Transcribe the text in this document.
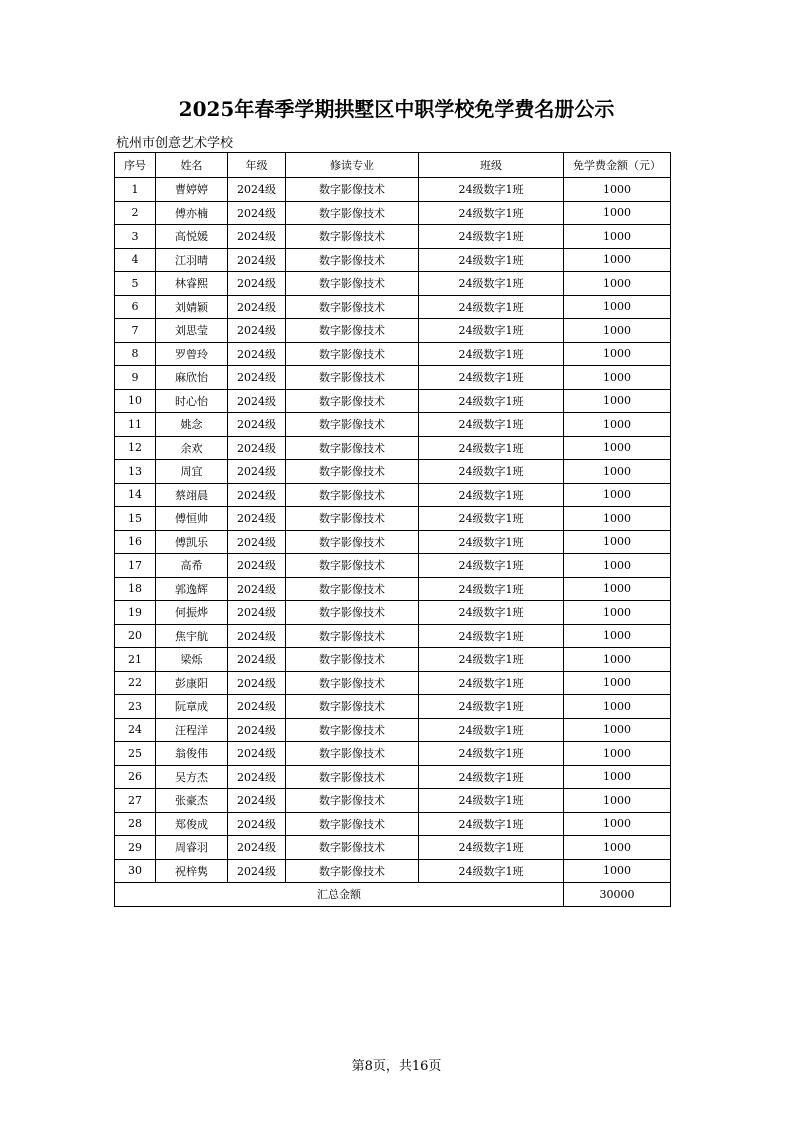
2025年春季学期拱墅区中职学校免学费名册公示
杭州市创意艺术学校
序号	姓名	年级	修读专业	班级	免学费金额（元）
1	曹婷婷	2024级	数字影像技术	24级数字1班	1000
2	傅亦楠	2024级	数字影像技术	24级数字1班	1000
3	高悦媛	2024级	数字影像技术	24级数字1班	1000
4	江羽晴	2024级	数字影像技术	24级数字1班	1000
5	林睿熙	2024级	数字影像技术	24级数字1班	1000
6	刘婧颖	2024级	数字影像技术	24级数字1班	1000
7	刘思莹	2024级	数字影像技术	24级数字1班	1000
8	罗曾玲	2024级	数字影像技术	24级数字1班	1000
9	麻欣怡	2024级	数字影像技术	24级数字1班	1000
10	时心怡	2024级	数字影像技术	24级数字1班	1000
11	姚念	2024级	数字影像技术	24级数字1班	1000
12	余欢	2024级	数字影像技术	24级数字1班	1000
13	周宜	2024级	数字影像技术	24级数字1班	1000
14	蔡翊晨	2024级	数字影像技术	24级数字1班	1000
15	傅恒帅	2024级	数字影像技术	24级数字1班	1000
16	傅凯乐	2024级	数字影像技术	24级数字1班	1000
17	高希	2024级	数字影像技术	24级数字1班	1000
18	郭逸辉	2024级	数字影像技术	24级数字1班	1000
19	何振烨	2024级	数字影像技术	24级数字1班	1000
20	焦宇航	2024级	数字影像技术	24级数字1班	1000
21	梁烁	2024级	数字影像技术	24级数字1班	1000
22	彭康阳	2024级	数字影像技术	24级数字1班	1000
23	阮章成	2024级	数字影像技术	24级数字1班	1000
24	汪程洋	2024级	数字影像技术	24级数字1班	1000
25	翁俊伟	2024级	数字影像技术	24级数字1班	1000
26	吴方杰	2024级	数字影像技术	24级数字1班	1000
27	张豪杰	2024级	数字影像技术	24级数字1班	1000
28	郑俊成	2024级	数字影像技术	24级数字1班	1000
29	周睿羽	2024级	数字影像技术	24级数字1班	1000
30	祝梓隽	2024级	数字影像技术	24级数字1班	1000
汇总金额					30000
第8页，共16页
